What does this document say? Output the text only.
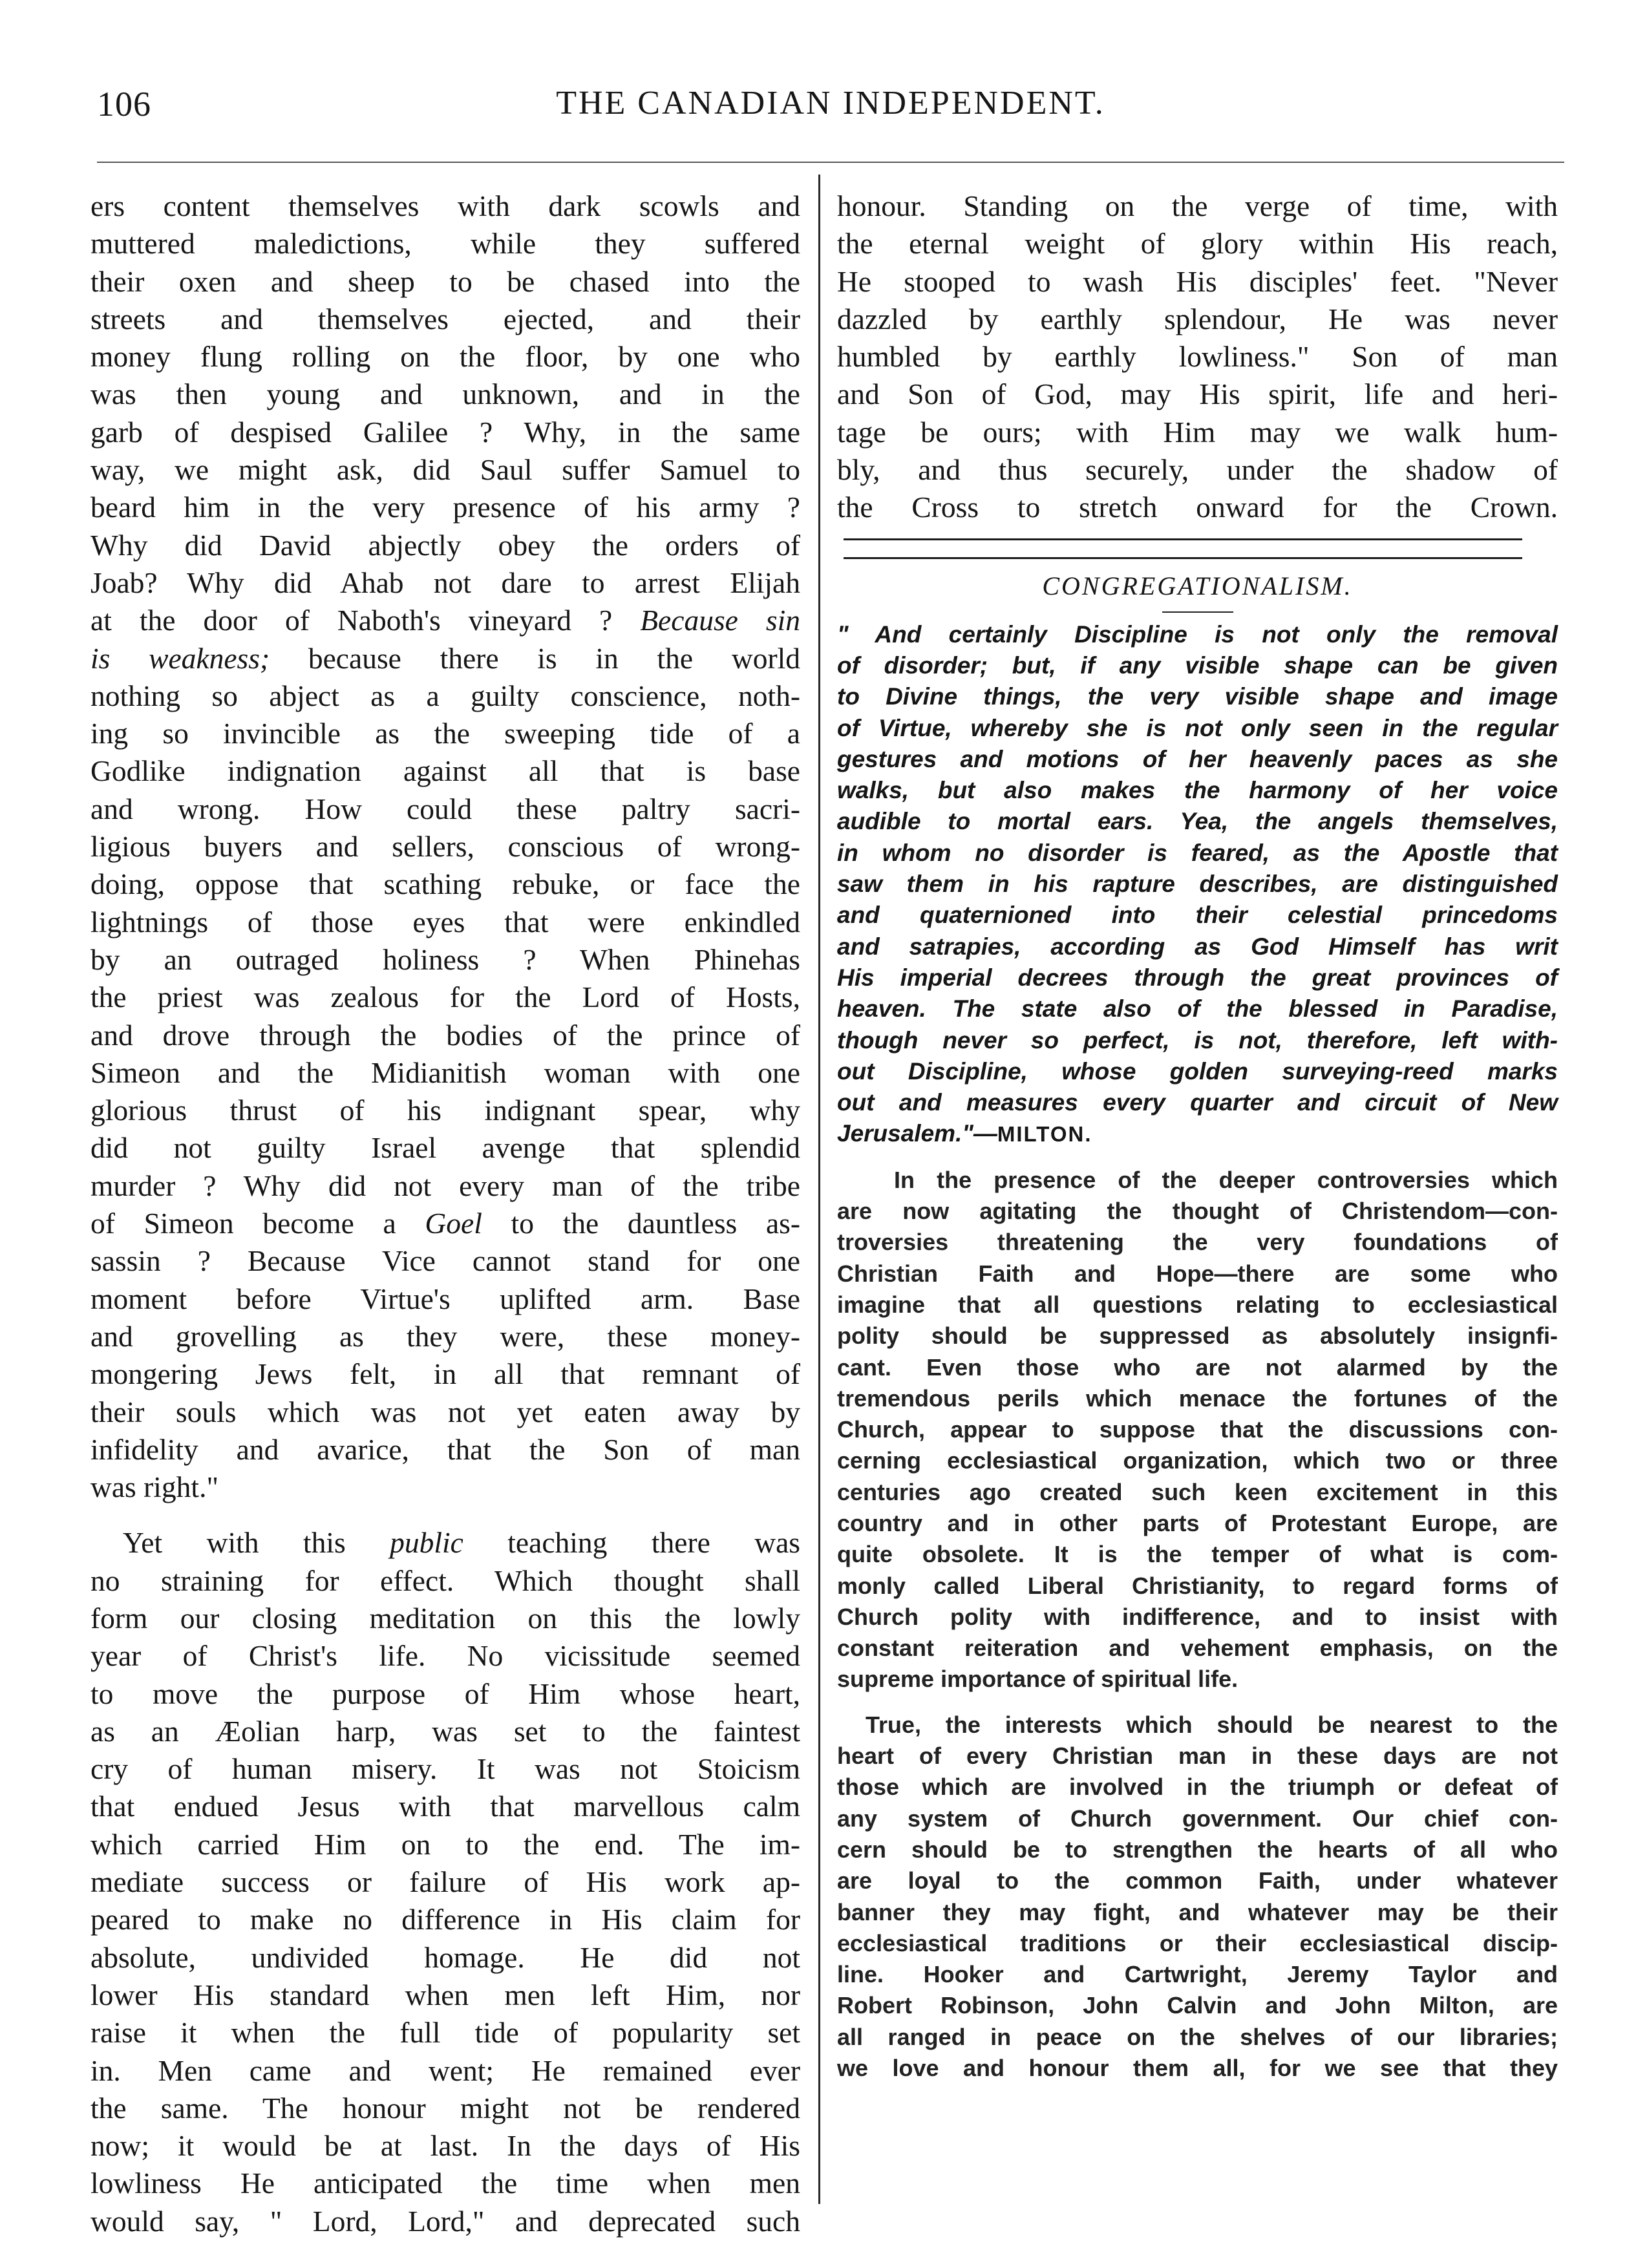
106	THE CANADIAN INDEPENDENT.

ers content themselves with dark scowls and
muttered maledictions, while they suffered
their oxen and sheep to be chased into the
streets and themselves ejected, and their
money flung rolling on the floor, by one who
was then young and unknown, and in the
garb of despised Galilee ? Why, in the same
way, we might ask, did Saul suffer Samuel to
beard him in the very presence of his army ?
Why did David abjectly obey the orders of
Joab? Why did Ahab not dare to arrest Elijah
at the door of Naboth's vineyard ? Because sin
is weakness; because there is in the world
nothing so abject as a guilty conscience, noth-
ing so invincible as the sweeping tide of a
Godlike indignation against all that is base
and wrong. How could these paltry sacri-
ligious buyers and sellers, conscious of wrong-
doing, oppose that scathing rebuke, or face the
lightnings of those eyes that were enkindled
by an outraged holiness ? When Phinehas
the priest was zealous for the Lord of Hosts,
and drove through the bodies of the prince of
Simeon and the Midianitish woman with one
glorious thrust of his indignant spear, why
did not guilty Israel avenge that splendid
murder ? Why did not every man of the tribe
of Simeon become a Goel to the dauntless as-
sassin ? Because Vice cannot stand for one
moment before Virtue's uplifted arm. Base
and grovelling as they were, these money-
mongering Jews felt, in all that remnant of
their souls which was not yet eaten away by
infidelity and avarice, that the Son of man
was right."

Yet with this public teaching there was
no straining for effect. Which thought shall
form our closing meditation on this the lowly
year of Christ's life. No vicissitude seemed
to move the purpose of Him whose heart,
as an Æolian harp, was set to the faintest
cry of human misery. It was not Stoicism
that endued Jesus with that marvellous calm
which carried Him on to the end. The im-
mediate success or failure of His work ap-
peared to make no difference in His claim for
absolute, undivided homage. He did not
lower His standard when men left Him, nor
raise it when the full tide of popularity set
in. Men came and went; He remained ever
the same. The honour might not be rendered
now; it would be at last. In the days of His
lowliness He anticipated the time when men
would say, " Lord, Lord," and deprecated such

honour. Standing on the verge of time, with
the eternal weight of glory within His reach,
He stooped to wash His disciples' feet. "Never
dazzled by earthly splendour, He was never
humbled by earthly lowliness." Son of man
and Son of God, may His spirit, life and heri-
tage be ours; with Him may we walk hum-
bly, and thus securely, under the shadow of
the Cross to stretch onward for the Crown.

CONGREGATIONALISM.

" And certainly Discipline is not only the removal
of disorder; but, if any visible shape can be given
to Divine things, the very visible shape and image
of Virtue, whereby she is not only seen in the regular
gestures and motions of her heavenly paces as she
walks, but also makes the harmony of her voice
audible to mortal ears. Yea, the angels themselves,
in whom no disorder is feared, as the Apostle that
saw them in his rapture describes, are distinguished
and quaternioned into their celestial princedoms
and satrapies, according as God Himself has writ
His imperial decrees through the great provinces of
heaven. The state also of the blessed in Paradise,
though never so perfect, is not, therefore, left with-
out Discipline, whose golden surveying-reed marks
out and measures every quarter and circuit of New
Jerusalem."—MILTON.

In the presence of the deeper controversies which
are now agitating the thought of Christendom—con-
troversies threatening the very foundations of
Christian Faith and Hope—there are some who
imagine that all questions relating to ecclesiastical
polity should be suppressed as absolutely insignfi-
cant. Even those who are not alarmed by the
tremendous perils which menace the fortunes of the
Church, appear to suppose that the discussions con-
cerning ecclesiastical organization, which two or three
centuries ago created such keen excitement in this
country and in other parts of Protestant Europe, are
quite obsolete. It is the temper of what is com-
monly called Liberal Christianity, to regard forms of
Church polity with indifference, and to insist with
constant reiteration and vehement emphasis, on the
supreme importance of spiritual life.

True, the interests which should be nearest to the
heart of every Christian man in these days are not
those which are involved in the triumph or defeat of
any system of Church government. Our chief con-
cern should be to strengthen the hearts of all who
are loyal to the common Faith, under whatever
banner they may fight, and whatever may be their
ecclesiastical traditions or their ecclesiastical discip-
line. Hooker and Cartwright, Jeremy Taylor and
Robert Robinson, John Calvin and John Milton, are
all ranged in peace on the shelves of our libraries;
we love and honour them all, for we see that they
